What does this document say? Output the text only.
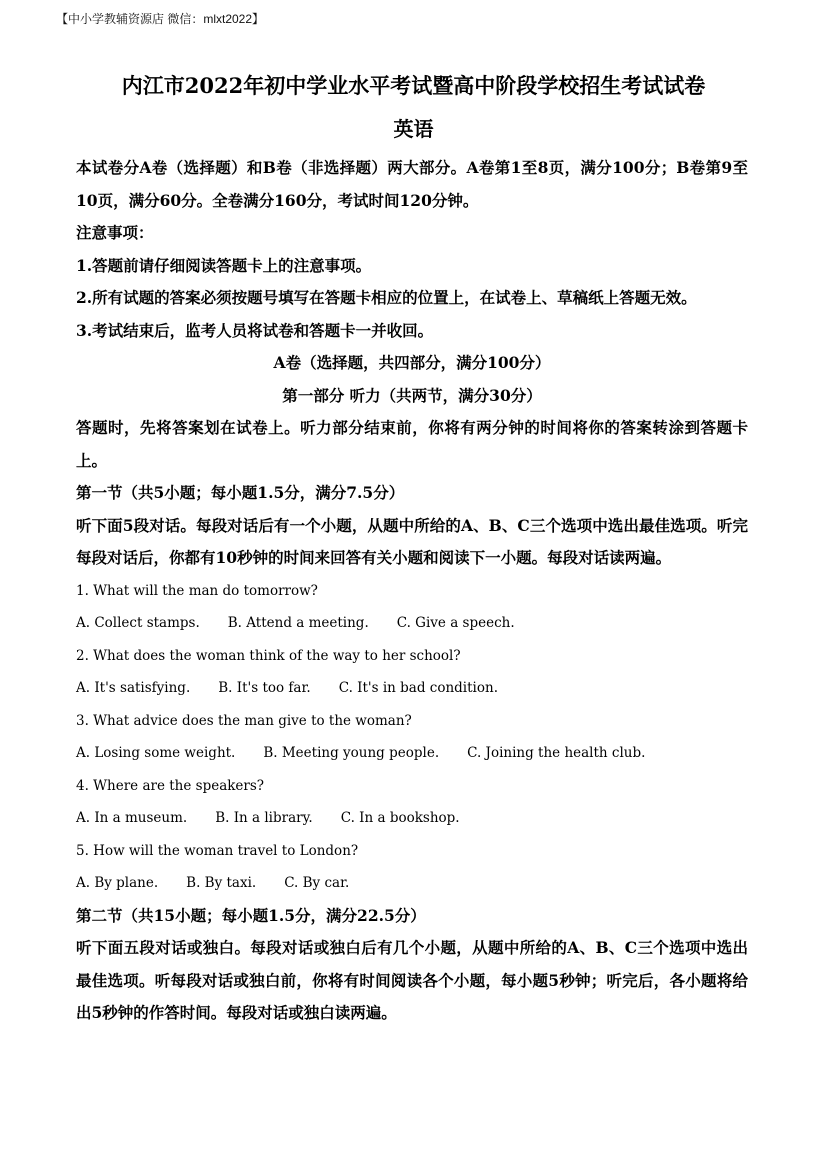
【中小学教辅资源店 微信：mlxt2022】
内江市2022年初中学业水平考试暨高中阶段学校招生考试试卷
英语

本试卷分A卷（选择题）和B卷（非选择题）两大部分。A卷第1至8页，满分100分；B卷第9至10页，满分60分。全卷满分160分，考试时间120分钟。

注意事项：

1.答题前请仔细阅读答题卡上的注意事项。

2.所有试题的答案必须按题号填写在答题卡相应的位置上，在试卷上、草稿纸上答题无效。

3.考试结束后，监考人员将试卷和答题卡一并收回。

A卷（选择题，共四部分，满分100分）

第一部分 听力（共两节，满分30分）

答题时，先将答案划在试卷上。听力部分结束前，你将有两分钟的时间将你的答案转涂到答题卡上。

第一节（共5小题；每小题1.5分，满分7.5分）

听下面5段对话。每段对话后有一个小题，从题中所给的A、B、C三个选项中选出最佳选项。听完每段对话后，你都有10秒钟的时间来回答有关小题和阅读下一小题。每段对话读两遍。

1. What will the man do tomorrow?

A. Collect stamps. B. Attend a meeting. C. Give a speech.

2. What does the woman think of the way to her school?

A. It's satisfying. B. It's too far. C. It's in bad condition.

3. What advice does the man give to the woman?

A. Losing some weight. B. Meeting young people. C. Joining the health club.

4. Where are the speakers?

A. In a museum. B. In a library. C. In a bookshop.

5. How will the woman travel to London?

A. By plane. B. By taxi. C. By car.

第二节（共15小题；每小题1.5分，满分22.5分）

听下面五段对话或独白。每段对话或独白后有几个小题，从题中所给的A、B、C三个选项中选出最佳选项。听每段对话或独白前，你将有时间阅读各个小题，每小题5秒钟；听完后，各小题将给出5秒钟的作答时间。每段对话或独白读两遍。
